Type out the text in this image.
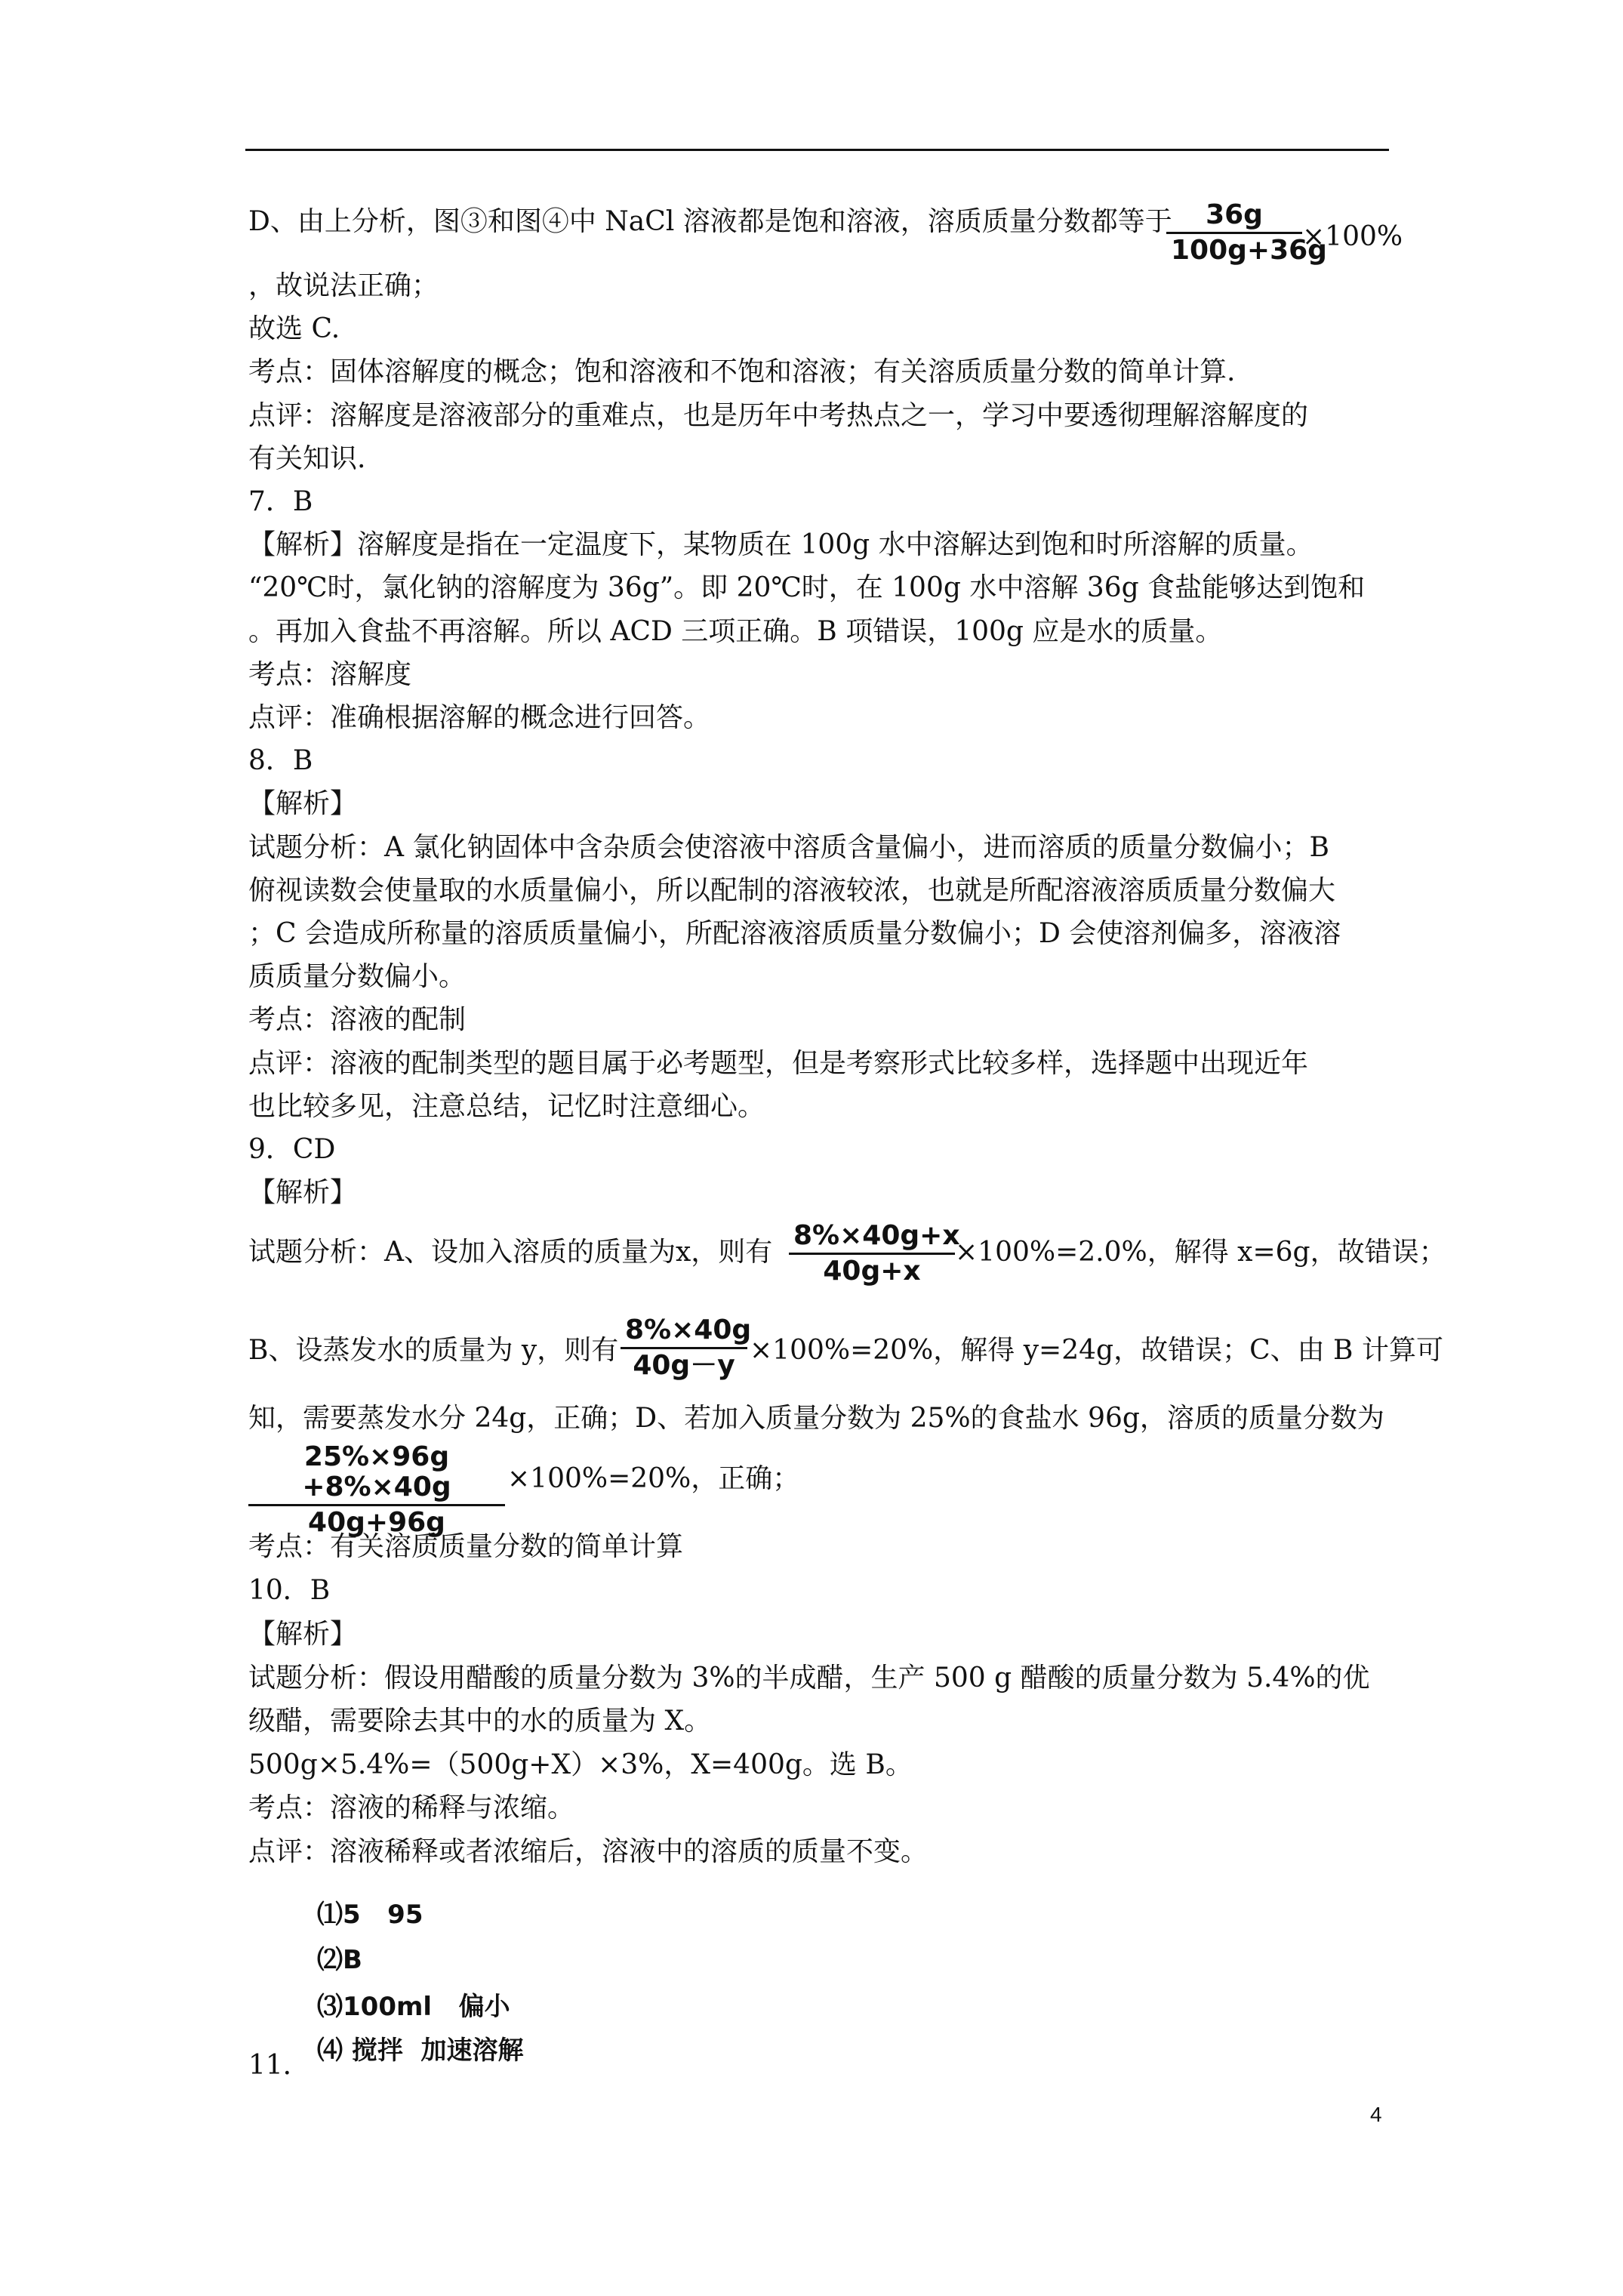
D、由上分析，图③和图④中 NaCl 溶液都是饱和溶液，溶质质量分数都等于	36g
100g+36g
×100%
，故说法正确；
故选 C.
考点：固体溶解度的概念；饱和溶液和不饱和溶液；有关溶质质量分数的简单计算.
点评：溶解度是溶液部分的重难点，也是历年中考热点之一，学习中要透彻理解溶解度的
有关知识.
7．B
【解析】溶解度是指在一定温度下，某物质在 100g 水中溶解达到饱和时所溶解的质量。
“20℃时，氯化钠的溶解度为 36g”。即 20℃时，在 100g 水中溶解 36g 食盐能够达到饱和
。再加入食盐不再溶解。所以 ACD 三项正确。B 项错误，100g 应是水的质量。
考点：溶解度
点评：准确根据溶解的概念进行回答。
8．B
【解析】
试题分析：A 氯化钠固体中含杂质会使溶液中溶质含量偏小，进而溶质的质量分数偏小；B
俯视读数会使量取的水质量偏小，所以配制的溶液较浓，也就是所配溶液溶质质量分数偏大
；C 会造成所称量的溶质质量偏小，所配溶液溶质质量分数偏小；D 会使溶剂偏多，溶液溶
质质量分数偏小。
考点：溶液的配制
点评：溶液的配制类型的题目属于必考题型，但是考察形式比较多样，选择题中出现近年
也比较多见，注意总结，记忆时注意细心。
9．CD
【解析】
试题分析：A、设加入溶质的质量为x，则有
8%×40g+x
40g+x
×100%=2.0%，解得 x=6g，故错误；
B、设蒸发水的质量为 y，则有
8%×40g
40g－y ×100%=20%，解得 y=24g，故错误；C、由 B 计算可
知，需要蒸发水分 24g，正确；D、若加入质量分数为 25%的食盐水 96g，溶质的质量分数为
25%×96g +8%×40g
40g+96g
×100%=20%，正确；
考点：有关溶质质量分数的简单计算
10．B
【解析】
试题分析：假设用醋酸的质量分数为 3%的半成醋，生产 500 g 醋酸的质量分数为 5.4%的优
级醋，需要除去其中的水的质量为 X。
500g×5.4%=（500g+X）×3%，X=400g。选 B。
考点：溶液的稀释与浓缩。
点评：溶液稀释或者浓缩后，溶液中的溶质的质量不变。
⑴5   95
⑵B
⑶100ml   偏小
⑷ 搅拌  加速溶解
11．
4
